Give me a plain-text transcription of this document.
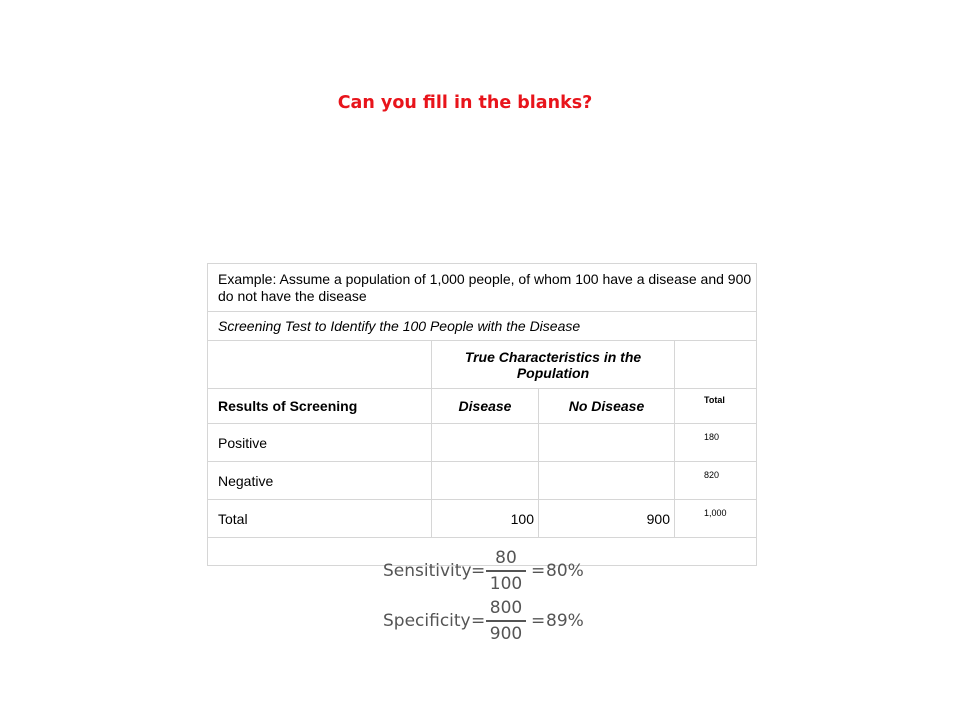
Can you fill in the blanks?
Example: Assume a population of 1,000 people, of whom 100 have a disease and 900 do not have the disease			
Screening Test to Identify the 100 People with the Disease			
	True Characteristics in the Population		
Results of Screening	Disease	No Disease	Total
Positive			180
Negative			820
Total	100	900	1,000

Sensitivity =
80
100
= 80%
Specificity =
800
900
= 89%
